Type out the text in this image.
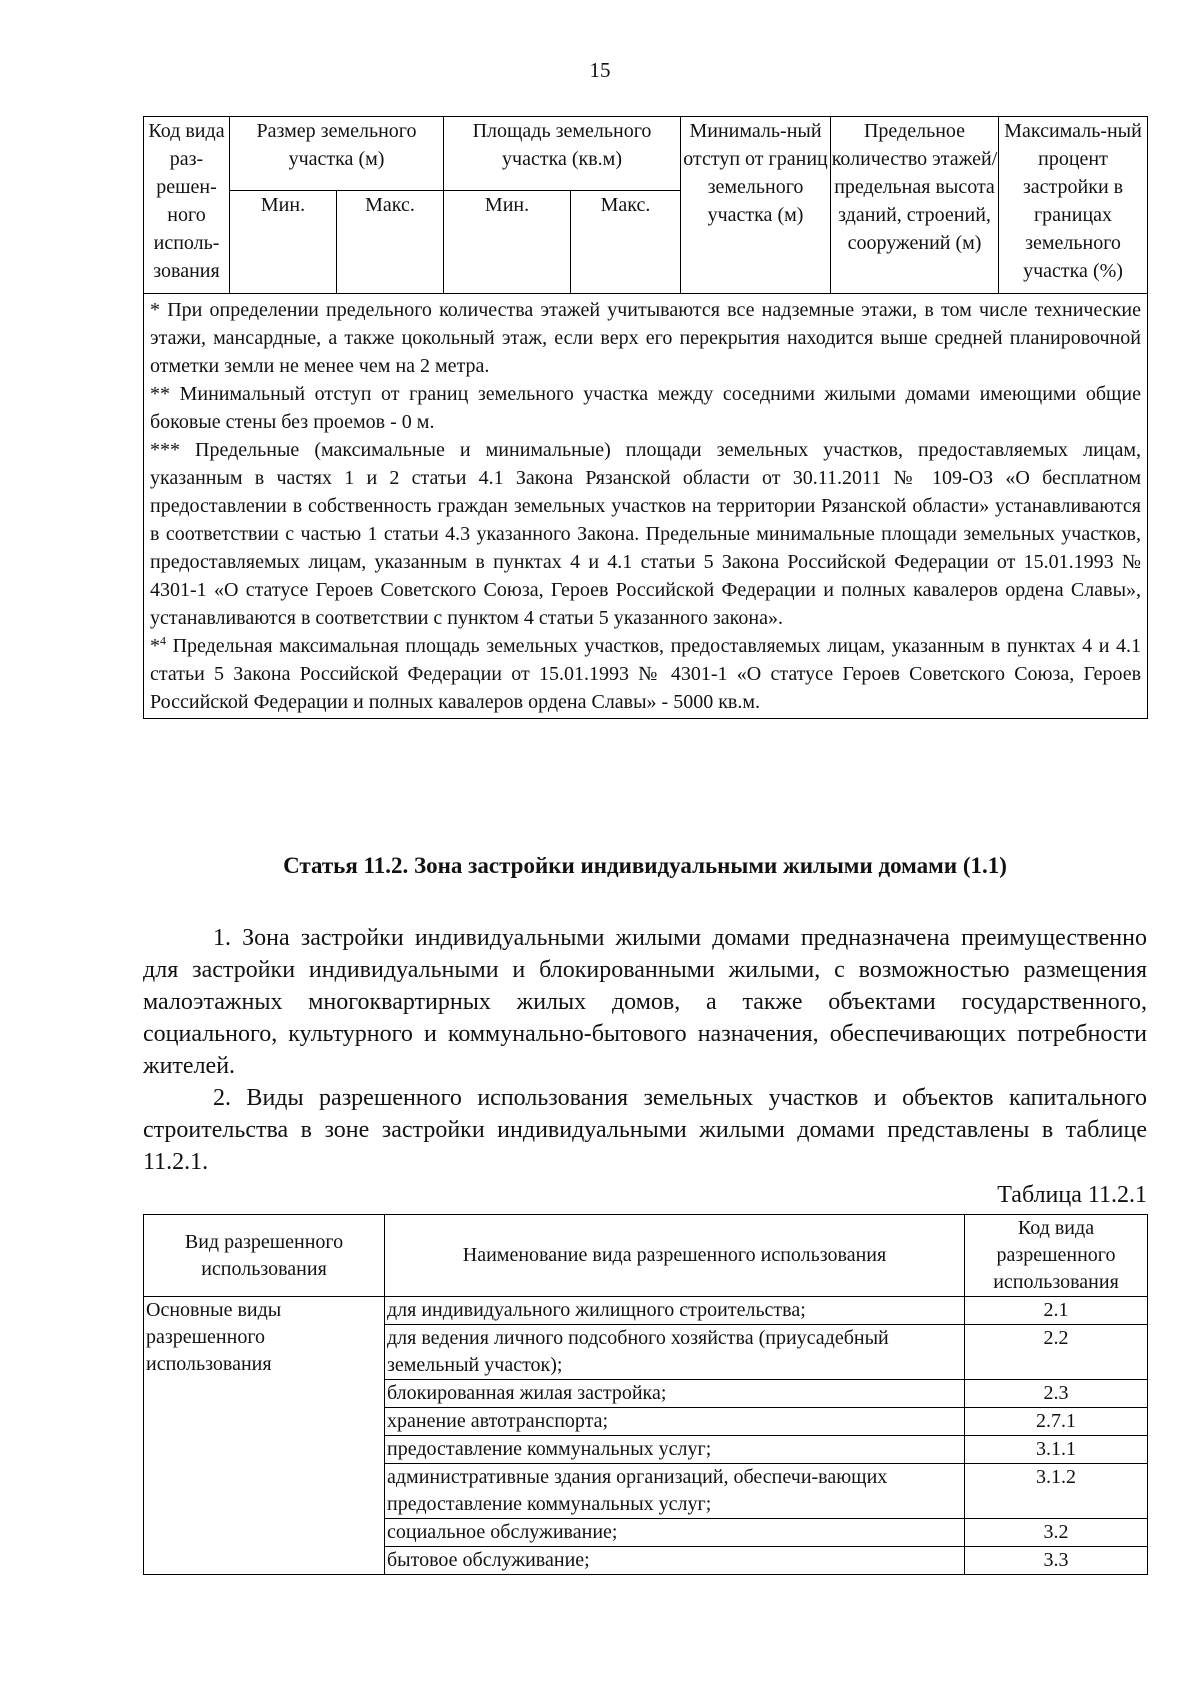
15
Код вида раз-решен-ного исполь-зования	Размер земельного участка (м)		Площадь земельного участка (кв.м)		Минималь-ный отступ от границ земельного участка (м)	Предельное количество этажей/ предельная высота зданий, строений, сооружений (м)	Максималь-ный процент застройки в границах земельного участка (%)
	Мин.	Макс.	Мин.	Макс.			

* При определении предельного количества этажей учитываются все надземные этажи, в том числе технические этажи, мансардные, а также цокольный этаж, если верх его перекрытия находится выше средней планировочной отметки земли не менее чем на 2 метра.

** Минимальный отступ от границ земельного участка между соседними жилыми домами имеющими общие боковые стены без проемов - 0 м.

*** Предельные (максимальные и минимальные) площади земельных участков, предоставляемых лицам, указанным в частях 1 и 2 статьи 4.1 Закона Рязанской области от 30.11.2011 № 109-ОЗ «О бесплатном предоставлении в собственность граждан земельных участков на территории Рязанской области» устанавливаются в соответствии с частью 1 статьи 4.3 указанного Закона. Предельные минимальные площади земельных участков, предоставляемых лицам, указанным в пунктах 4 и 4.1 статьи 5 Закона Российской Федерации от 15.01.1993 № 4301-1 «О статусе Героев Советского Союза, Героев Российской Федерации и полных кавалеров ордена Славы», устанавливаются в соответствии с пунктом 4 статьи 5 указанного закона».

*$^4$ Предельная максимальная площадь земельных участков, предоставляемых лицам, указанным в пунктах 4 и 4.1 статьи 5 Закона Российской Федерации от 15.01.1993 № 4301-1 «О статусе Героев Советского Союза, Героев Российской Федерации и полных кавалеров ордена Славы» - 5000 кв.м.							

Статья 11.2. Зона застройки индивидуальными жилыми домами (1.1)

1. Зона застройки индивидуальными жилыми домами предназначена преимущественно для застройки индивидуальными и блокированными жилыми, с возможностью размещения малоэтажных многоквартирных жилых домов, а также объектами государственного, социального, культурного и коммунально-бытового назначения, обеспечивающих потребности жителей.

2. Виды разрешенного использования земельных участков и объектов капитального строительства в зоне застройки индивидуальными жилыми домами представлены в таблице 11.2.1.

Таблица 11.2.1
Вид разрешенного использования	Наименование вида разрешенного использования	Код вида разрешенного использования
Основные виды разрешенного использования	для индивидуального жилищного строительства;	2.1
	для ведения личного подсобного хозяйства (приусадебный земельный участок);	2.2
	блокированная жилая застройка;	2.3
	хранение автотранспорта;	2.7.1
	предоставление коммунальных услуг;	3.1.1
	административные здания организаций, обеспечи-вающих предоставление коммунальных услуг;	3.1.2
	социальное обслуживание;	3.2
	бытовое обслуживание;	3.3
